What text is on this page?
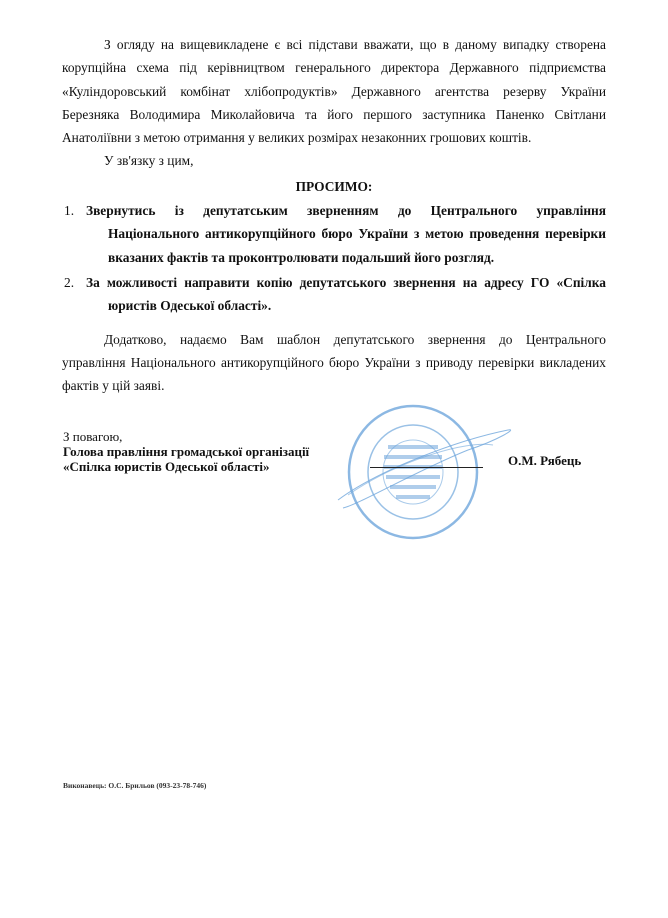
З огляду на вищевикладене є всі підстави вважати, що в даному випадку створена
корупційна схема під керівництвом генерального директора Державного підприємства
«Кулiндоровський комбiнат хлiбопродуктiв» Державного агентства резерву України
Березняка Володимира Миколайовича та його першого заступника Паненко Світлани
Анатоліївни з метою отримання у великих розмірах незаконних грошових коштів.
У зв'язку з цим,
ПРОСИМО:
1. Звернутись із депутатським зверненням до Центрального управління
Національного антикорупційного бюро України з метою проведення перевірки
вказаних фактів та проконтролювати подальший його розгляд.
2. За можливості направити копію депутатського звернення на адресу ГО «Спілка
юристів Одеської області».
Додатково, надаємо Вам шаблон депутатського звернення до Центрального
управління Національного антикорупційного бюро України з приводу перевірки викладених
фактів у цій заяві.
З повагою,
Голова правління громадської організації
«Спілка юристів Одеської області»	О.М. Рябець
Виконавець: О.С. Брильов (093-23-78-746)
